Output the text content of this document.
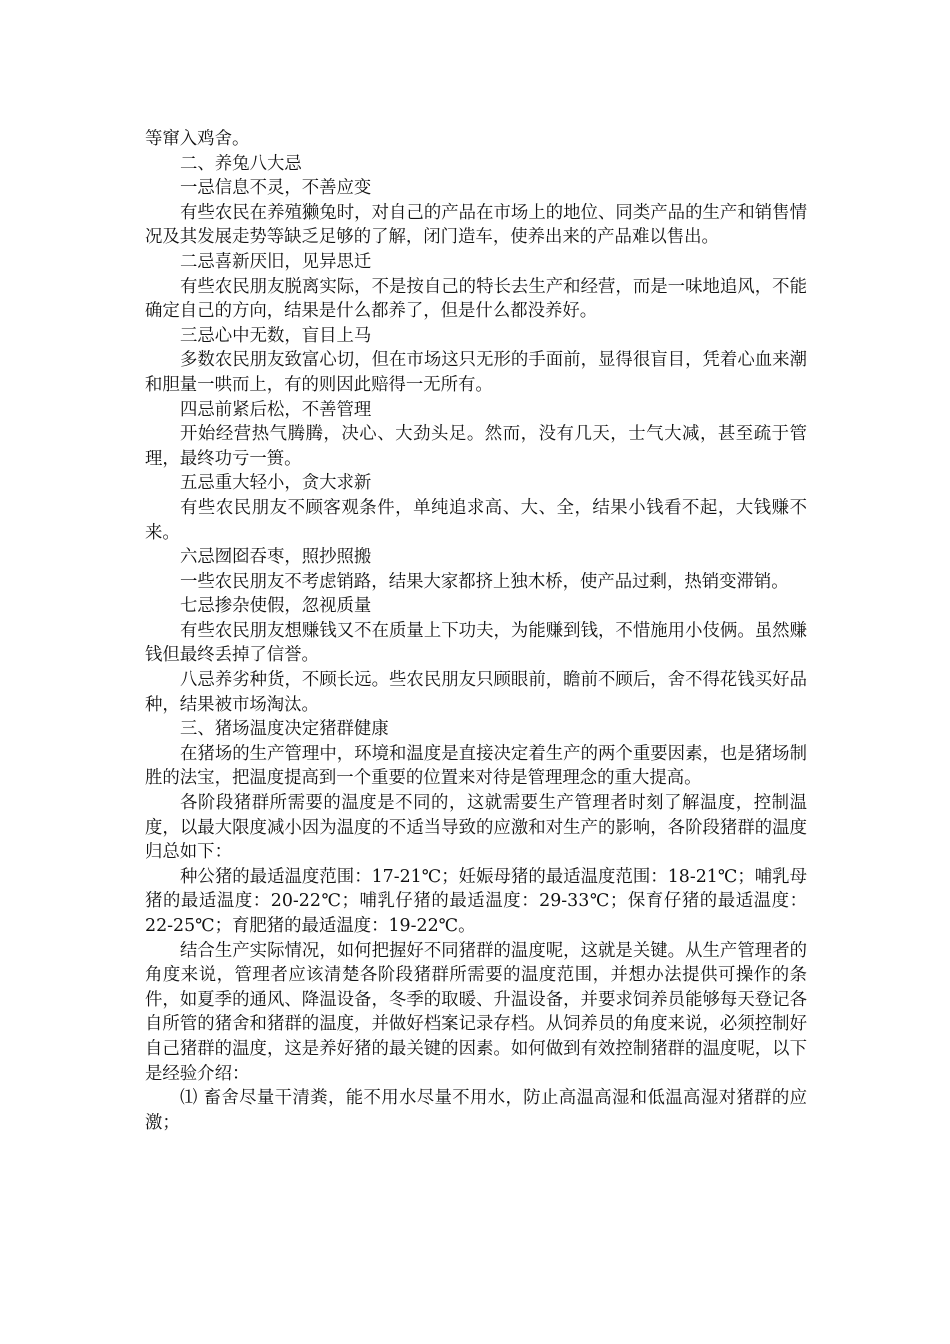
等窜入鸡舍。

二、养兔八大忌

一忌信息不灵，不善应变

有些农民在养殖獭兔时，对自己的产品在市场上的地位、同类产品的生产和销售情况及其发展走势等缺乏足够的了解，闭门造车，使养出来的产品难以售出。

二忌喜新厌旧，见异思迁

有些农民朋友脱离实际，不是按自己的特长去生产和经营，而是一味地追风，不能确定自己的方向，结果是什么都养了，但是什么都没养好。

三忌心中无数，盲目上马

多数农民朋友致富心切，但在市场这只无形的手面前，显得很盲目，凭着心血来潮和胆量一哄而上，有的则因此赔得一无所有。

四忌前紧后松，不善管理

开始经营热气腾腾，决心、大劲头足。然而，没有几天，士气大减，甚至疏于管理，最终功亏一篑。

五忌重大轻小，贪大求新

有些农民朋友不顾客观条件，单纯追求高、大、全，结果小钱看不起，大钱赚不来。

六忌囫囵吞枣，照抄照搬

一些农民朋友不考虑销路，结果大家都挤上独木桥，使产品过剩，热销变滞销。

七忌掺杂使假，忽视质量

有些农民朋友想赚钱又不在质量上下功夫，为能赚到钱，不惜施用小伎俩。虽然赚钱但最终丢掉了信誉。

八忌养劣种货，不顾长远。些农民朋友只顾眼前，瞻前不顾后，舍不得花钱买好品种，结果被市场淘汰。

三、猪场温度决定猪群健康

在猪场的生产管理中，环境和温度是直接决定着生产的两个重要因素，也是猪场制胜的法宝，把温度提高到一个重要的位置来对待是管理理念的重大提高。

各阶段猪群所需要的温度是不同的，这就需要生产管理者时刻了解温度，控制温度，以最大限度减小因为温度的不适当导致的应激和对生产的影响，各阶段猪群的温度归总如下：

种公猪的最适温度范围：17-21℃；妊娠母猪的最适温度范围：18-21℃；哺乳母猪的最适温度：20-22℃；哺乳仔猪的最适温度：29-33℃；保育仔猪的最适温度：22-25℃；育肥猪的最适温度：19-22℃。

结合生产实际情况，如何把握好不同猪群的温度呢，这就是关键。从生产管理者的角度来说，管理者应该清楚各阶段猪群所需要的温度范围，并想办法提供可操作的条件，如夏季的通风、降温设备，冬季的取暖、升温设备，并要求饲养员能够每天登记各自所管的猪舍和猪群的温度，并做好档案记录存档。从饲养员的角度来说，必须控制好自己猪群的温度，这是养好猪的最关键的因素。如何做到有效控制猪群的温度呢，以下是经验介绍：

⑴ 畜舍尽量干清粪，能不用水尽量不用水，防止高温高湿和低温高湿对猪群的应激；
